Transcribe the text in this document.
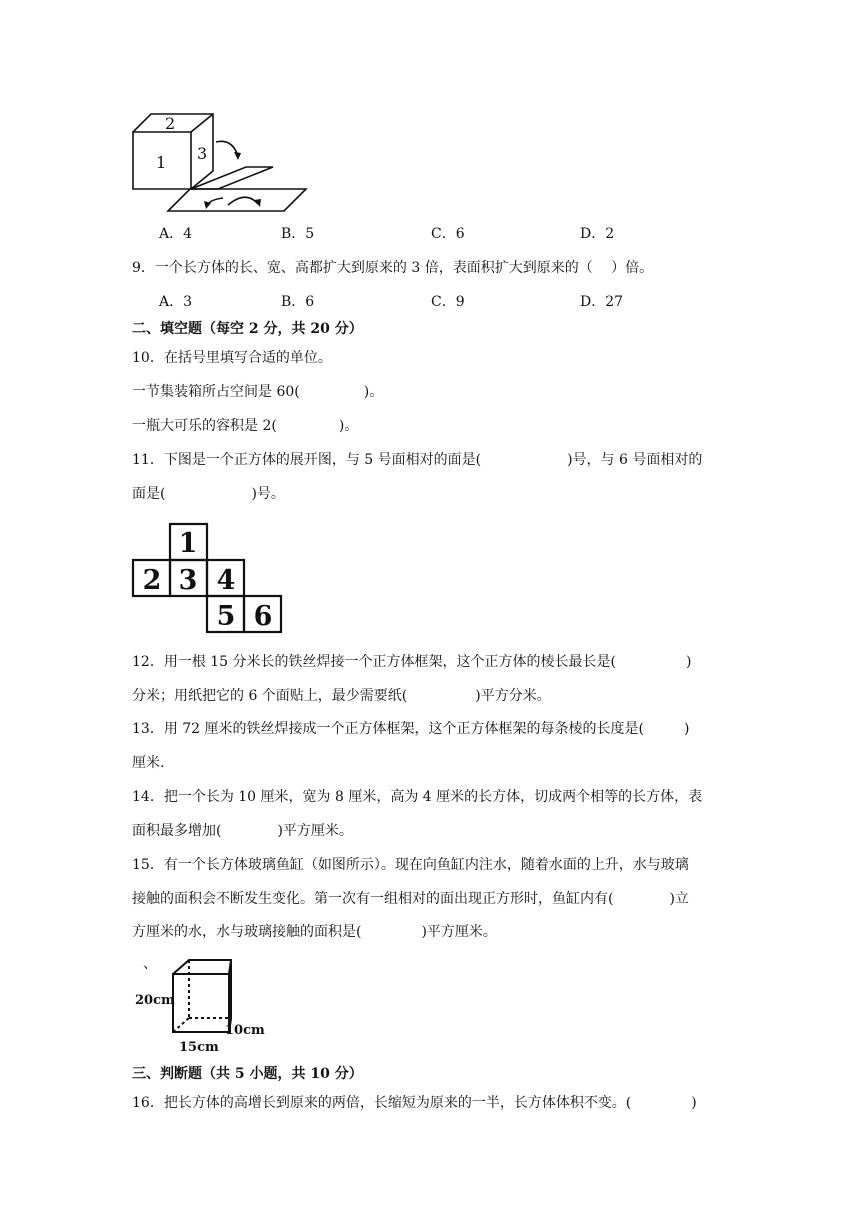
2
1 3
A．4	B．5	C．6	D．2
9．一个长方体的长、宽、高都扩大到原来的 3 倍，表面积扩大到原来的（　 ）倍。
A．3	B．6	C．9	D．27
二、填空题（每空 2 分，共 20 分）
10．在括号里填写合适的单位。
一节集装箱所占空间是 60(	)。
一瓶大可乐的容积是 2(	)。
11．下图是一个正方体的展开图，与 5 号面相对的面是(	)号，与 6 号面相对的
面是(	)号。
1
2 3 4
5 6
12．用一根 15 分米长的铁丝焊接一个正方体框架，这个正方体的棱长最长是(	)
分米；用纸把它的 6 个面贴上，最少需要纸(	)平方分米。
13．用 72 厘米的铁丝焊接成一个正方体框架，这个正方体框架的每条棱的长度是(	)
厘米.
14．把一个长为 10 厘米，宽为 8 厘米，高为 4 厘米的长方体，切成两个相等的长方体，表
面积最多增加(	)平方厘米。
15．有一个长方体玻璃鱼缸（如图所示）。现在向鱼缸内注水，随着水面的上升，水与玻璃
接触的面积会不断发生变化。第一次有一组相对的面出现正方形时，鱼缸内有(	)立
方厘米的水，水与玻璃接触的面积是(	)平方厘米。
、
20cm
10cm
15cm
三、判断题（共 5 小题，共 10 分）
16．把长方体的高增长到原来的两倍，长缩短为原来的一半，长方体体积不变。(	)
